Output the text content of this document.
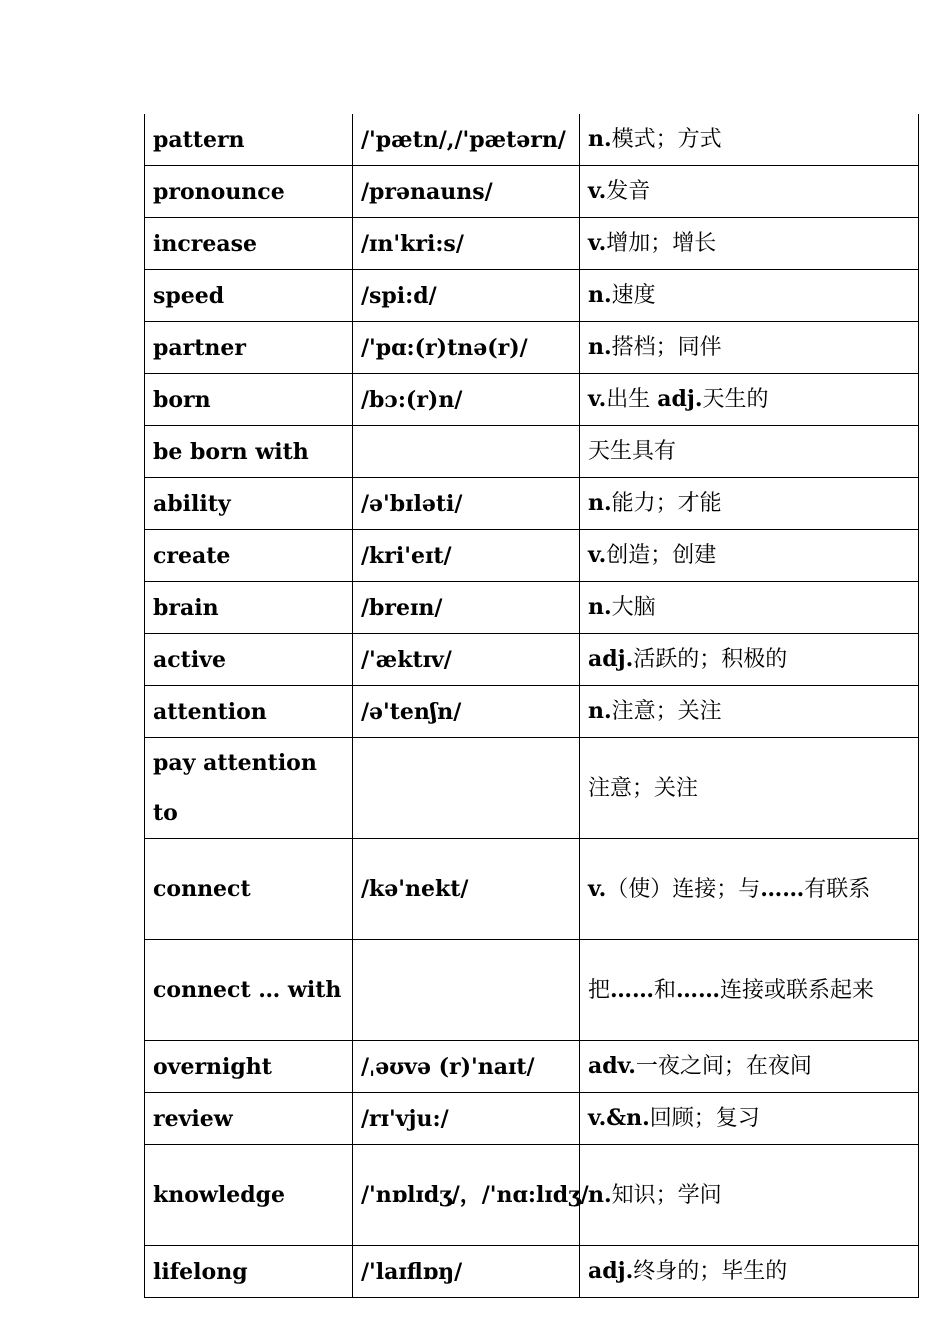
pattern	/'pætn/,/'pætərn/	n.模式；方式
pronounce	/prənauns/	v.发音
increase	/ɪn'kri:s/	v.增加；增长
speed	/spi:d/	n.速度
partner	/'pɑ:(r)tnə(r)/	n.搭档；同伴
born	/bɔ:(r)n/	v.出生 adj.天生的
be born with		天生具有
ability	/ə'bɪləti/	n.能力；才能
create	/kri'eɪt/	v.创造；创建
brain	/breɪn/	n.大脑
active	/'æktɪv/	adj.活跃的；积极的
attention	/ə'tenʃn/	n.注意；关注
pay attention to		注意；关注
connect	/kə'nekt/	v.（使）连接；与……有联系
connect … with		把……和……连接或联系起来
overnight	/ˌəʊvə (r)'naɪt/	adv.一夜之间；在夜间
review	/rɪ'vju:/	v.&n.回顾；复习
knowledge	/'nɒlɪdʒ/，/'nɑ:lɪdʒ/	n.知识；学问
lifelong	/'laɪflɒŋ/	adj.终身的；毕生的
